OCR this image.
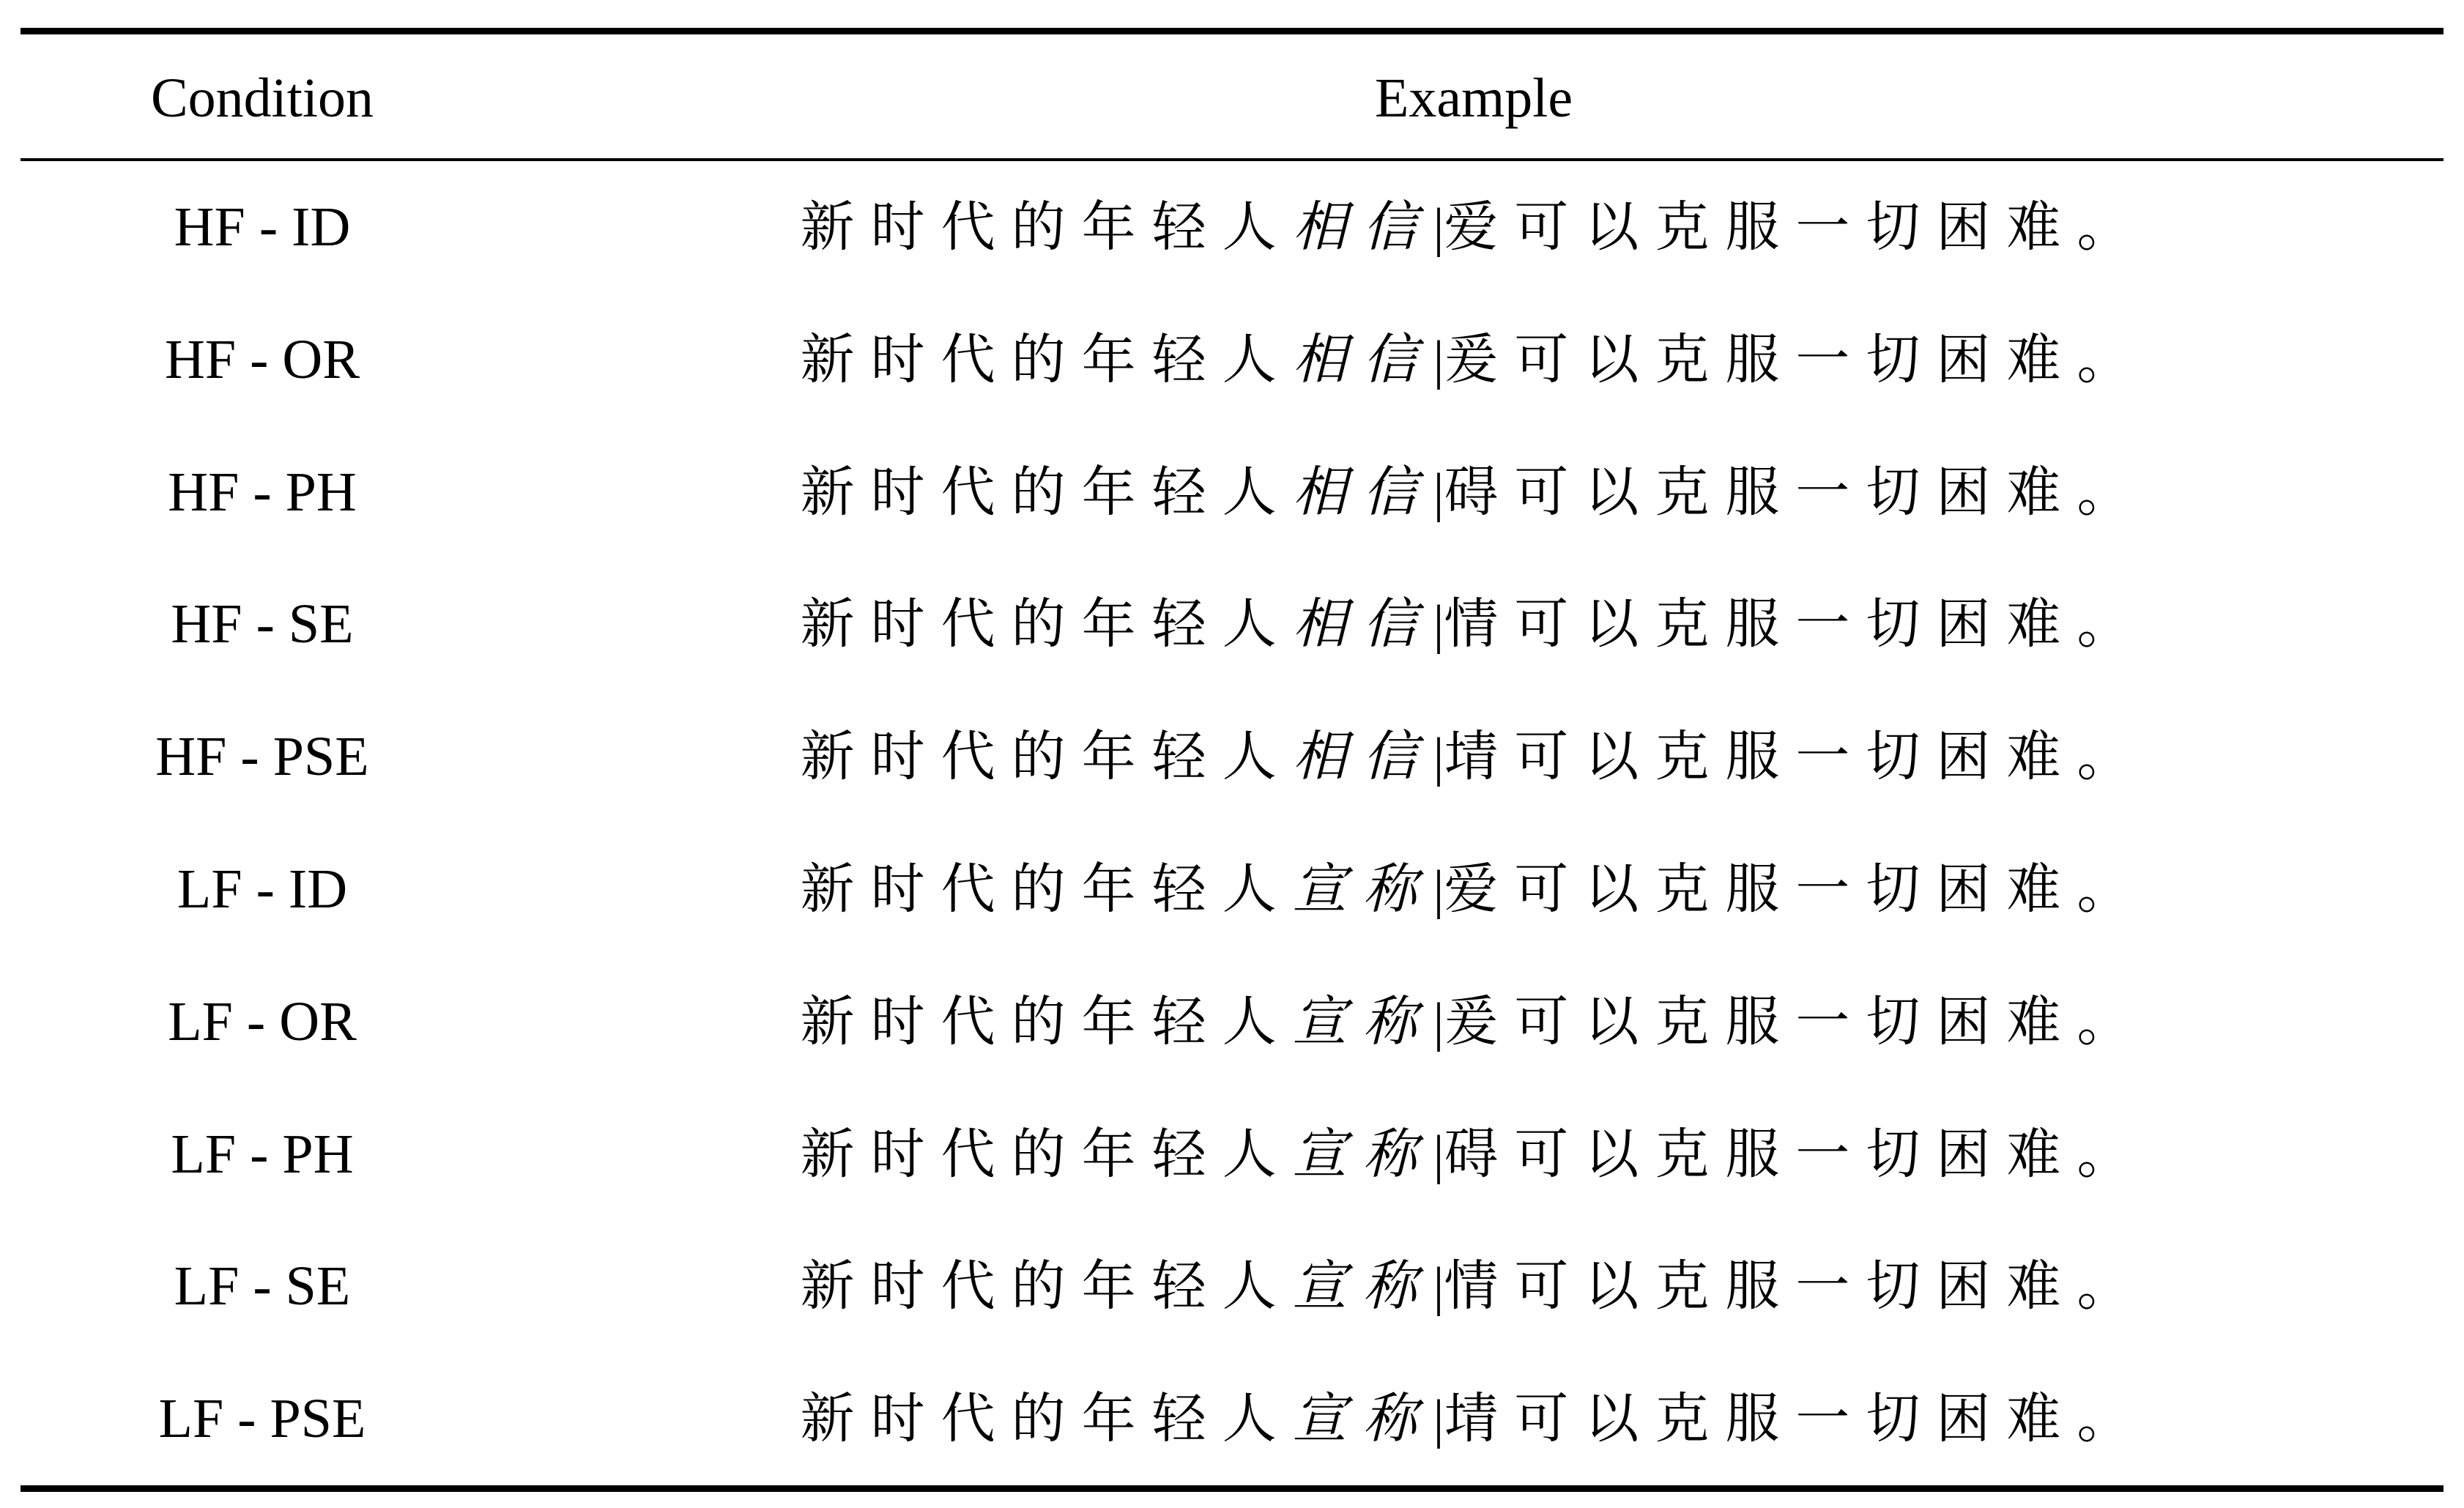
Condition	Example
HF - ID	新时代的年轻人相信|爱可以克服一切困难。
HF - OR	新时代的年轻人相信|爰可以克服一切困难。
HF - PH	新时代的年轻人相信|碍可以克服一切困难。
HF - SE	新时代的年轻人相信|情可以克服一切困难。
HF - PSE	新时代的年轻人相信|埥可以克服一切困难。
LF - ID	新时代的年轻人宣称|爱可以克服一切困难。
LF - OR	新时代的年轻人宣称|爰可以克服一切困难。
LF - PH	新时代的年轻人宣称|碍可以克服一切困难。
LF - SE	新时代的年轻人宣称|情可以克服一切困难。
LF - PSE	新时代的年轻人宣称|埥可以克服一切困难。
